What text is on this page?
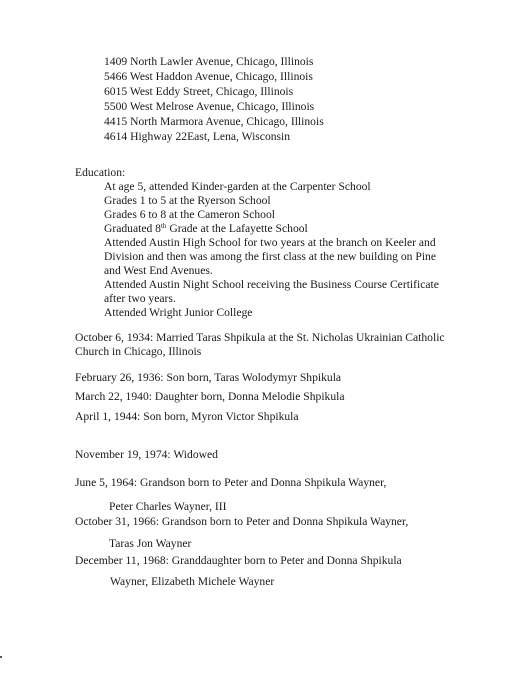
1409 North Lawler Avenue, Chicago, Illinois
5466 West Haddon Avenue, Chicago, Illinois
6015 West Eddy Street, Chicago, Illinois
5500 West Melrose Avenue, Chicago, Illinois
4415 North Marmora Avenue, Chicago, Illinois
4614 Highway 22East, Lena, Wisconsin
Education:
At age 5, attended Kinder-garden at the Carpenter School
Grades 1 to 5 at the Ryerson School
Grades 6 to 8 at the Cameron School
Graduated 8th Grade at the Lafayette School
Attended Austin High School for two years at the branch on Keeler and
Division and then was among the first class at the new building on Pine
and West End Avenues.
Attended Austin Night School receiving the Business Course Certificate
after two years.
Attended Wright Junior College
October 6, 1934: Married Taras Shpikula at the St. Nicholas Ukrainian Catholic
Church in Chicago, Illinois
February 26, 1936: Son born, Taras Wolodymyr Shpikula
March 22, 1940: Daughter born, Donna Melodie Shpikula
April 1, 1944: Son born, Myron Victor Shpikula
November 19, 1974: Widowed
June 5, 1964: Grandson born to Peter and Donna Shpikula Wayner,
Peter Charles Wayner, III
October 31, 1966: Grandson born to Peter and Donna Shpikula Wayner,
Taras Jon Wayner
December 11, 1968: Granddaughter born to Peter and Donna Shpikula
Wayner, Elizabeth Michele Wayner
